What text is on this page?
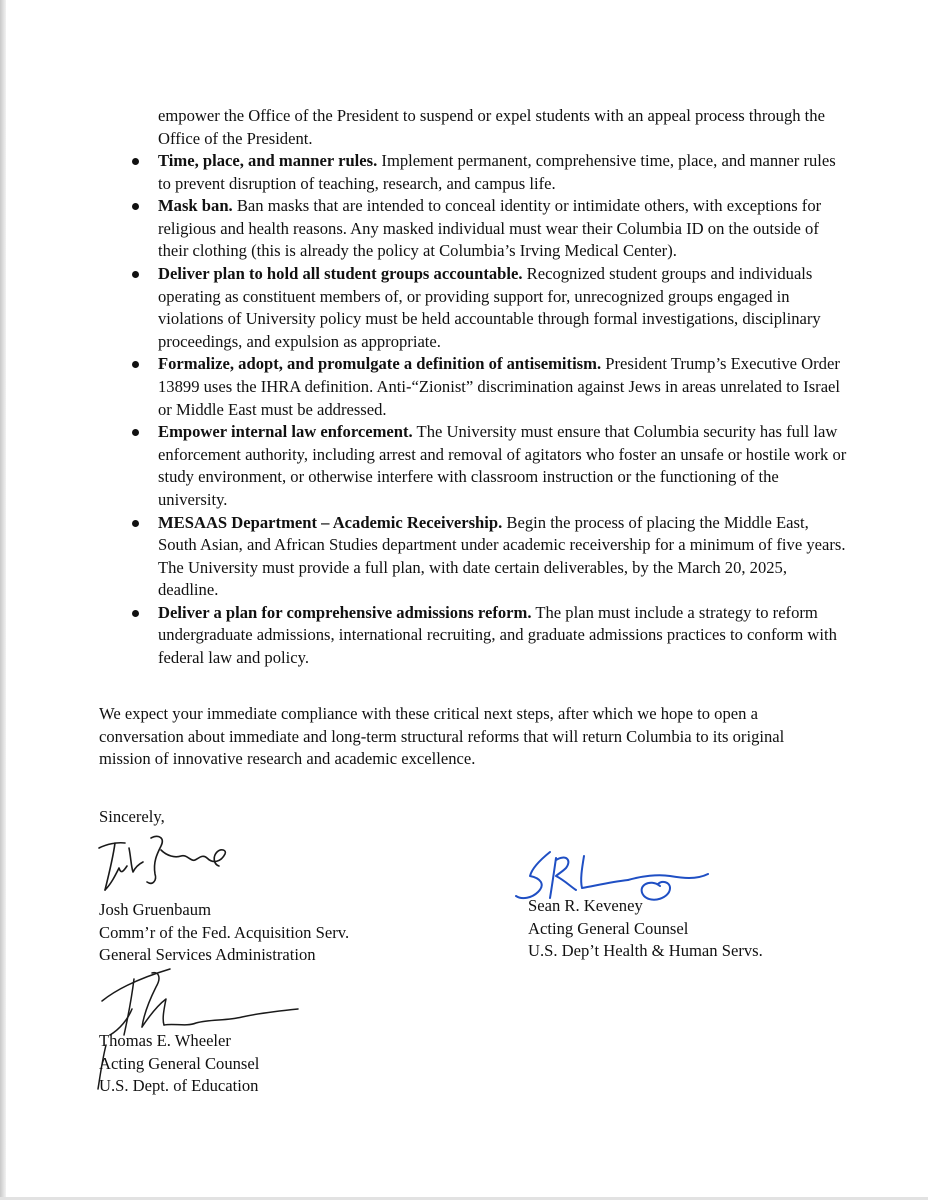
empower the Office of the President to suspend or expel students with an appeal process through the Office of the President.
Time, place, and manner rules. Implement permanent, comprehensive time, place, and manner rules to prevent disruption of teaching, research, and campus life.
Mask ban. Ban masks that are intended to conceal identity or intimidate others, with exceptions for religious and health reasons. Any masked individual must wear their Columbia ID on the outside of their clothing (this is already the policy at Columbia’s Irving Medical Center).
Deliver plan to hold all student groups accountable. Recognized student groups and individuals operating as constituent members of, or providing support for, unrecognized groups engaged in violations of University policy must be held accountable through formal investigations, disciplinary proceedings, and expulsion as appropriate.
Formalize, adopt, and promulgate a definition of antisemitism. President Trump’s Executive Order 13899 uses the IHRA definition. Anti-“Zionist” discrimination against Jews in areas unrelated to Israel or Middle East must be addressed.
Empower internal law enforcement. The University must ensure that Columbia security has full law enforcement authority, including arrest and removal of agitators who foster an unsafe or hostile work or study environment, or otherwise interfere with classroom instruction or the functioning of the university.
MESAAS Department – Academic Receivership. Begin the process of placing the Middle East, South Asian, and African Studies department under academic receivership for a minimum of five years. The University must provide a full plan, with date certain deliverables, by the March 20, 2025, deadline.
Deliver a plan for comprehensive admissions reform. The plan must include a strategy to reform undergraduate admissions, international recruiting, and graduate admissions practices to conform with federal law and policy.
We expect your immediate compliance with these critical next steps, after which we hope to open a conversation about immediate and long-term structural reforms that will return Columbia to its original mission of innovative research and academic excellence.
Sincerely,
Josh Gruenbaum
Comm’r of the Fed. Acquisition Serv.
General Services Administration
Sean R. Keveney
Acting General Counsel
U.S. Dep’t Health & Human Servs.
Thomas E. Wheeler
Acting General Counsel
U.S. Dept. of Education
